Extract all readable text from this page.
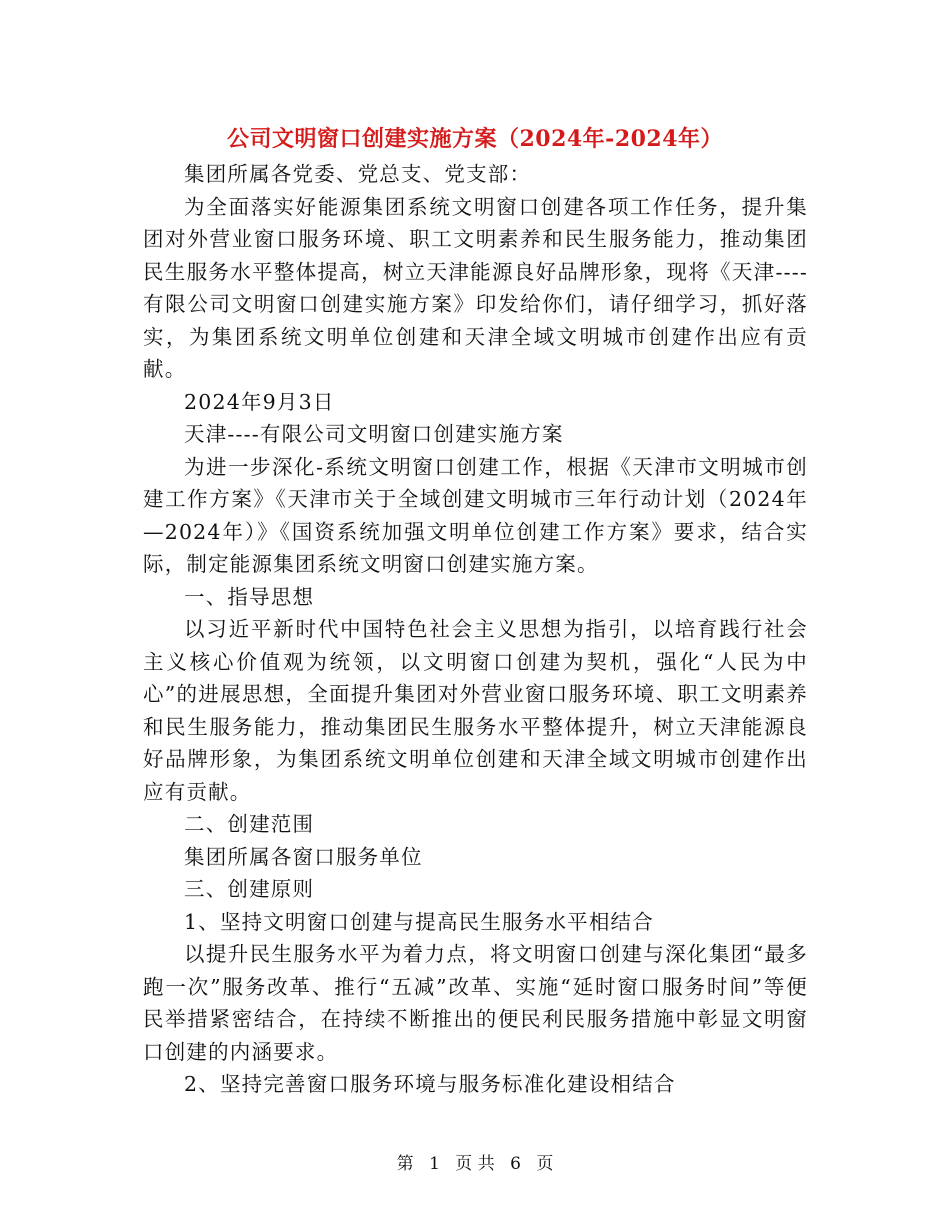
公司文明窗口创建实施方案（2024年-2024年）

集团所属各党委、党总支、党支部：

为全面落实好能源集团系统文明窗口创建各项工作任务，提升集团对外营业窗口服务环境、职工文明素养和民生服务能力，推动集团民生服务水平整体提高，树立天津能源良好品牌形象，现将《天津----有限公司文明窗口创建实施方案》印发给你们，请仔细学习，抓好落实，为集团系统文明单位创建和天津全域文明城市创建作出应有贡献。

2024年9月3日

天津----有限公司文明窗口创建实施方案

为进一步深化-系统文明窗口创建工作，根据《天津市文明城市创建工作方案》《天津市关于全域创建文明城市三年行动计划（2024年—2024年）》《国资系统加强文明单位创建工作方案》要求，结合实际，制定能源集团系统文明窗口创建实施方案。

一、指导思想

以习近平新时代中国特色社会主义思想为指引，以培育践行社会主义核心价值观为统领，以文明窗口创建为契机，强化“人民为中心”的进展思想，全面提升集团对外营业窗口服务环境、职工文明素养和民生服务能力，推动集团民生服务水平整体提升，树立天津能源良好品牌形象，为集团系统文明单位创建和天津全域文明城市创建作出应有贡献。

二、创建范围

集团所属各窗口服务单位

三、创建原则

1、坚持文明窗口创建与提高民生服务水平相结合

以提升民生服务水平为着力点，将文明窗口创建与深化集团“最多跑一次”服务改革、推行“五减”改革、实施“延时窗口服务时间”等便民举措紧密结合，在持续不断推出的便民利民服务措施中彰显文明窗口创建的内涵要求。

2、坚持完善窗口服务环境与服务标准化建设相结合

第 1 页 共 6 页
